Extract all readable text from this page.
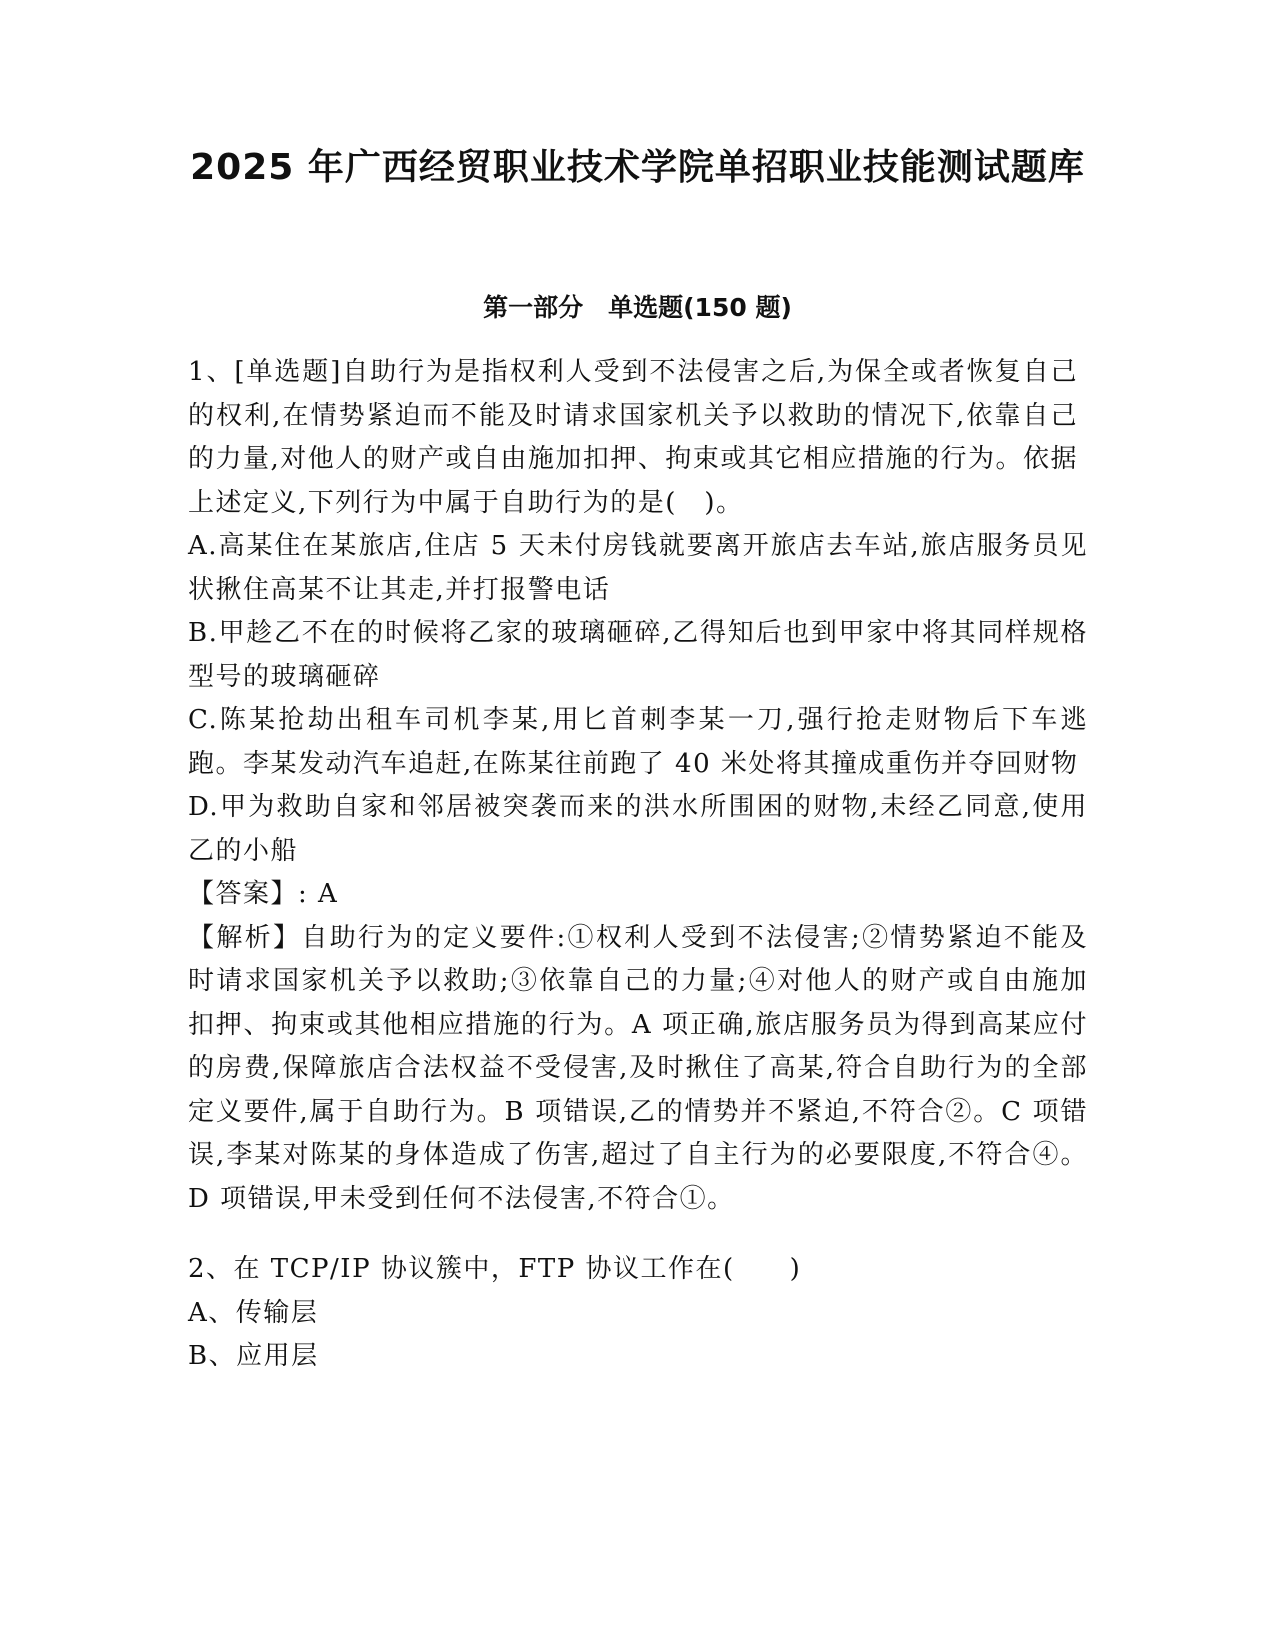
2025 年广西经贸职业技术学院单招职业技能测试题库
第一部分　单选题(150 题)

1、[单选题]自助行为是指权利人受到不法侵害之后,为保全或者恢复自己的权利,在情势紧迫而不能及时请求国家机关予以救助的情况下,依靠自己的力量,对他人的财产或自由施加扣押、拘束或其它相应措施的行为。依据上述定义,下列行为中属于自助行为的是(　)。

A.高某住在某旅店,住店 5 天未付房钱就要离开旅店去车站,旅店服务员见状揪住高某不让其走,并打报警电话

B.甲趁乙不在的时候将乙家的玻璃砸碎,乙得知后也到甲家中将其同样规格型号的玻璃砸碎

C.陈某抢劫出租车司机李某,用匕首刺李某一刀,强行抢走财物后下车逃跑。李某发动汽车追赶,在陈某往前跑了 40 米处将其撞成重伤并夺回财物

D.甲为救助自家和邻居被突袭而来的洪水所围困的财物,未经乙同意,使用乙的小船

【答案】: A

【解析】自助行为的定义要件:①权利人受到不法侵害;②情势紧迫不能及时请求国家机关予以救助;③依靠自己的力量;④对他人的财产或自由施加扣押、拘束或其他相应措施的行为。A 项正确,旅店服务员为得到高某应付的房费,保障旅店合法权益不受侵害,及时揪住了高某,符合自助行为的全部定义要件,属于自助行为。B 项错误,乙的情势并不紧迫,不符合②。C 项错误,李某对陈某的身体造成了伤害,超过了自主行为的必要限度,不符合④。D 项错误,甲未受到任何不法侵害,不符合①。

2、在 TCP/IP 协议簇中，FTP 协议工作在(　　)

A、传输层

B、应用层
